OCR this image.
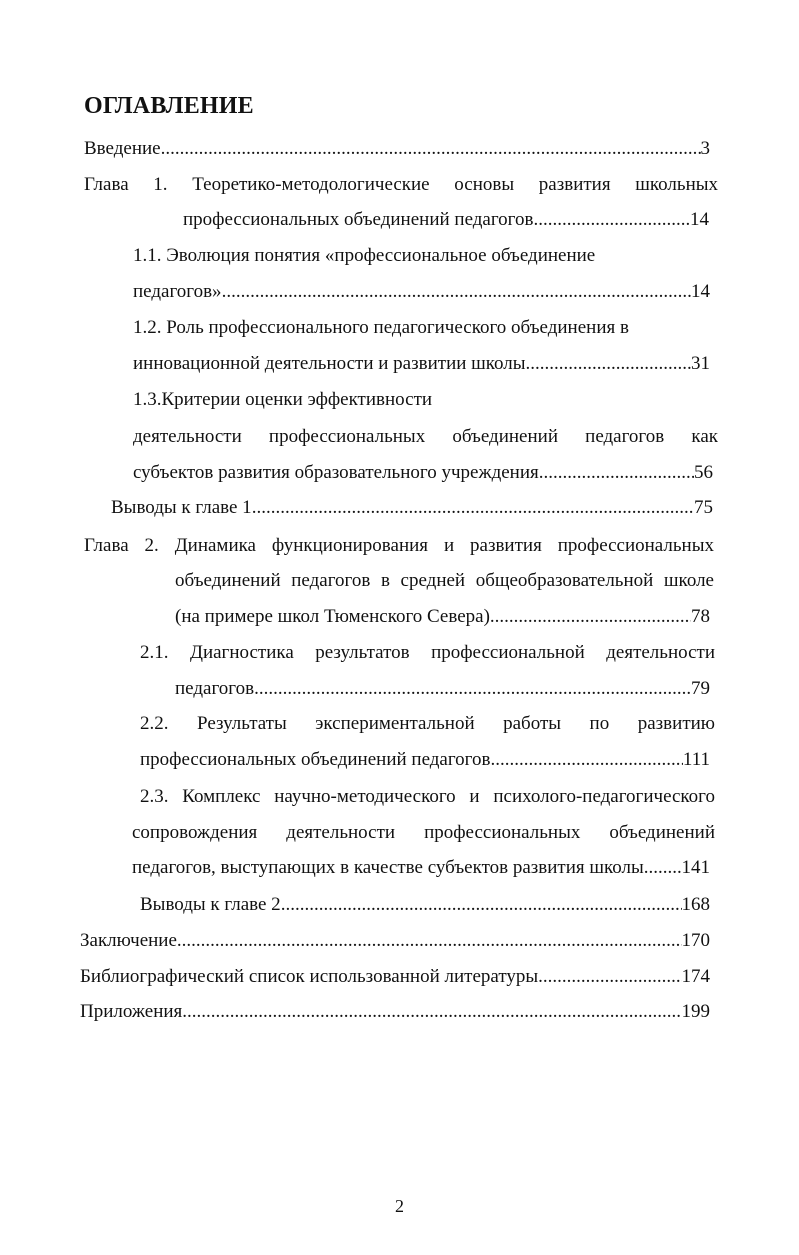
ОГЛАВЛЕНИЕ
Введение .....	3
Глава 1. Теоретико-методологические основы развития школьных
профессиональных объединений педагогов .....	14
1.1. Эволюция понятия «профессиональное объединение
педагогов» .....	14
1.2. Роль профессионального педагогического объединения в
инновационной деятельности и развитии школы .....	31
1.3.Критерии оценки эффективности
деятельности профессиональных объединений педагогов как
субъектов развития образовательного учреждения .....	56
Выводы к главе 1 .....	75
Глава 2. Динамика функционирования и развития профессиональных
объединений педагогов в средней общеобразовательной школе
(на примере школ Тюменского Севера) .....	78
2.1. Диагностика результатов профессиональной деятельности
педагогов .....	79
2.2. Результаты экспериментальной работы по развитию
профессиональных объединений педагогов .....	111
2.3. Комплекс научно-методического и психолого-педагогического
сопровождения деятельности профессиональных объединений
педагогов, выступающих в качестве субъектов развития школы ..... 141
Выводы к главе 2 .....	168
Заключение .....	170
Библиографический список использованной литературы .....	174
Приложения .....	199
2
